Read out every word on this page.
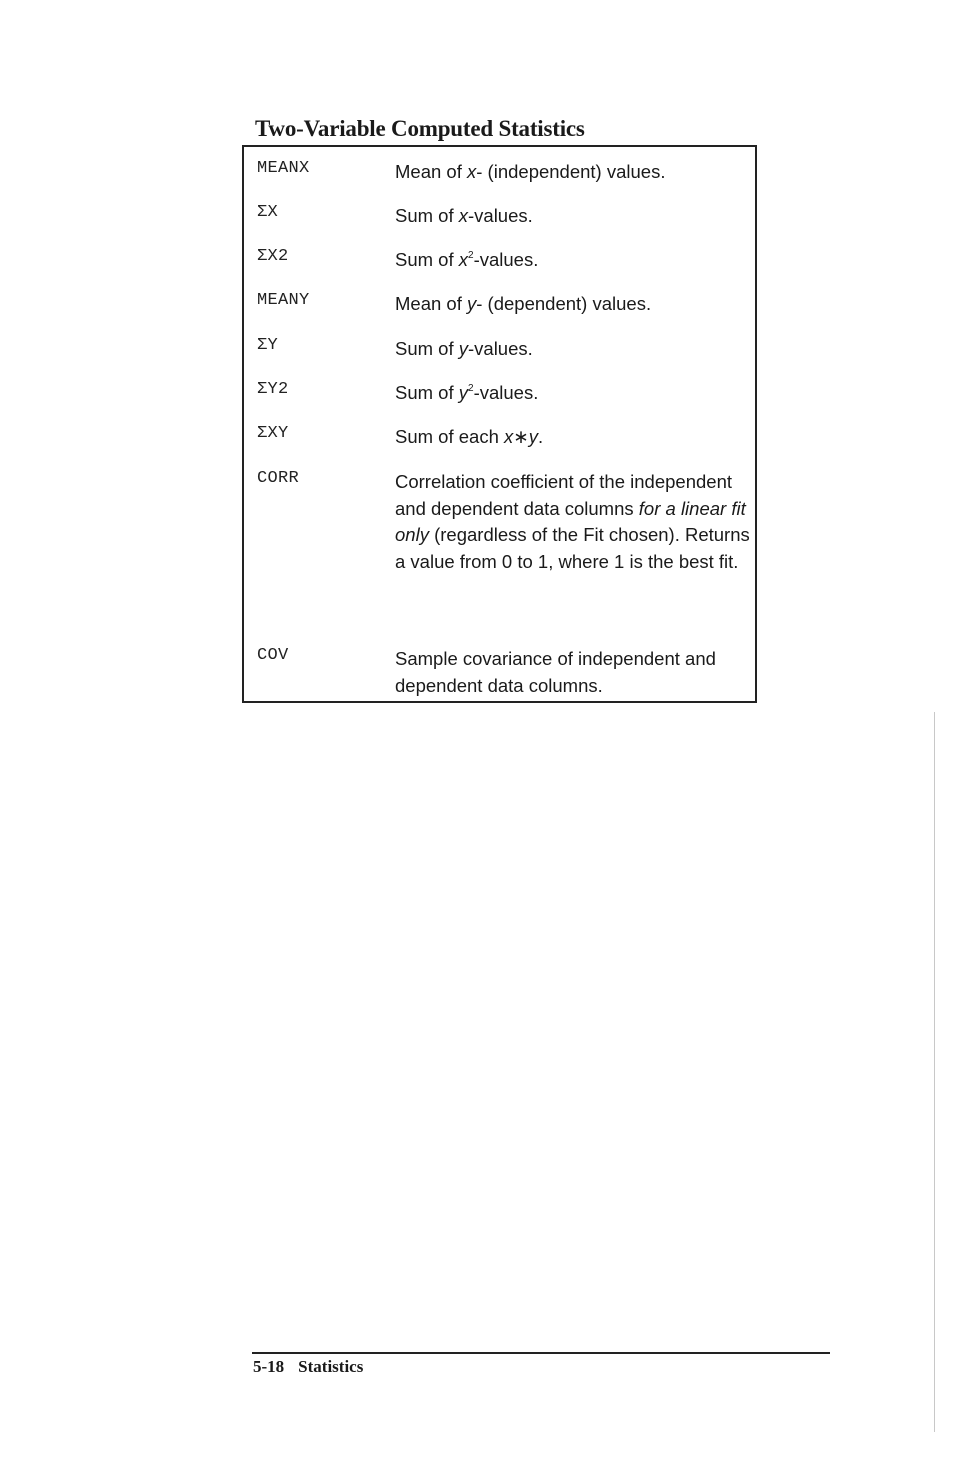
Two-Variable Computed Statistics
MEANX	Mean of x- (independent) values.
ΣX	Sum of x-values.
ΣX2	Sum of $x^2$-values.
MEANY	Mean of y- (dependent) values.
ΣY	Sum of y-values.
ΣY2	Sum of $y^2$-values.
ΣXY	Sum of each x∗y.
CORR	Correlation coefficient of the independent and dependent data columns for a linear fit only (regardless of the Fit chosen). Returns a value from 0 to 1, where 1 is the best fit.
COV	Sample covariance of independent and dependent data columns.
5-18 Statistics
